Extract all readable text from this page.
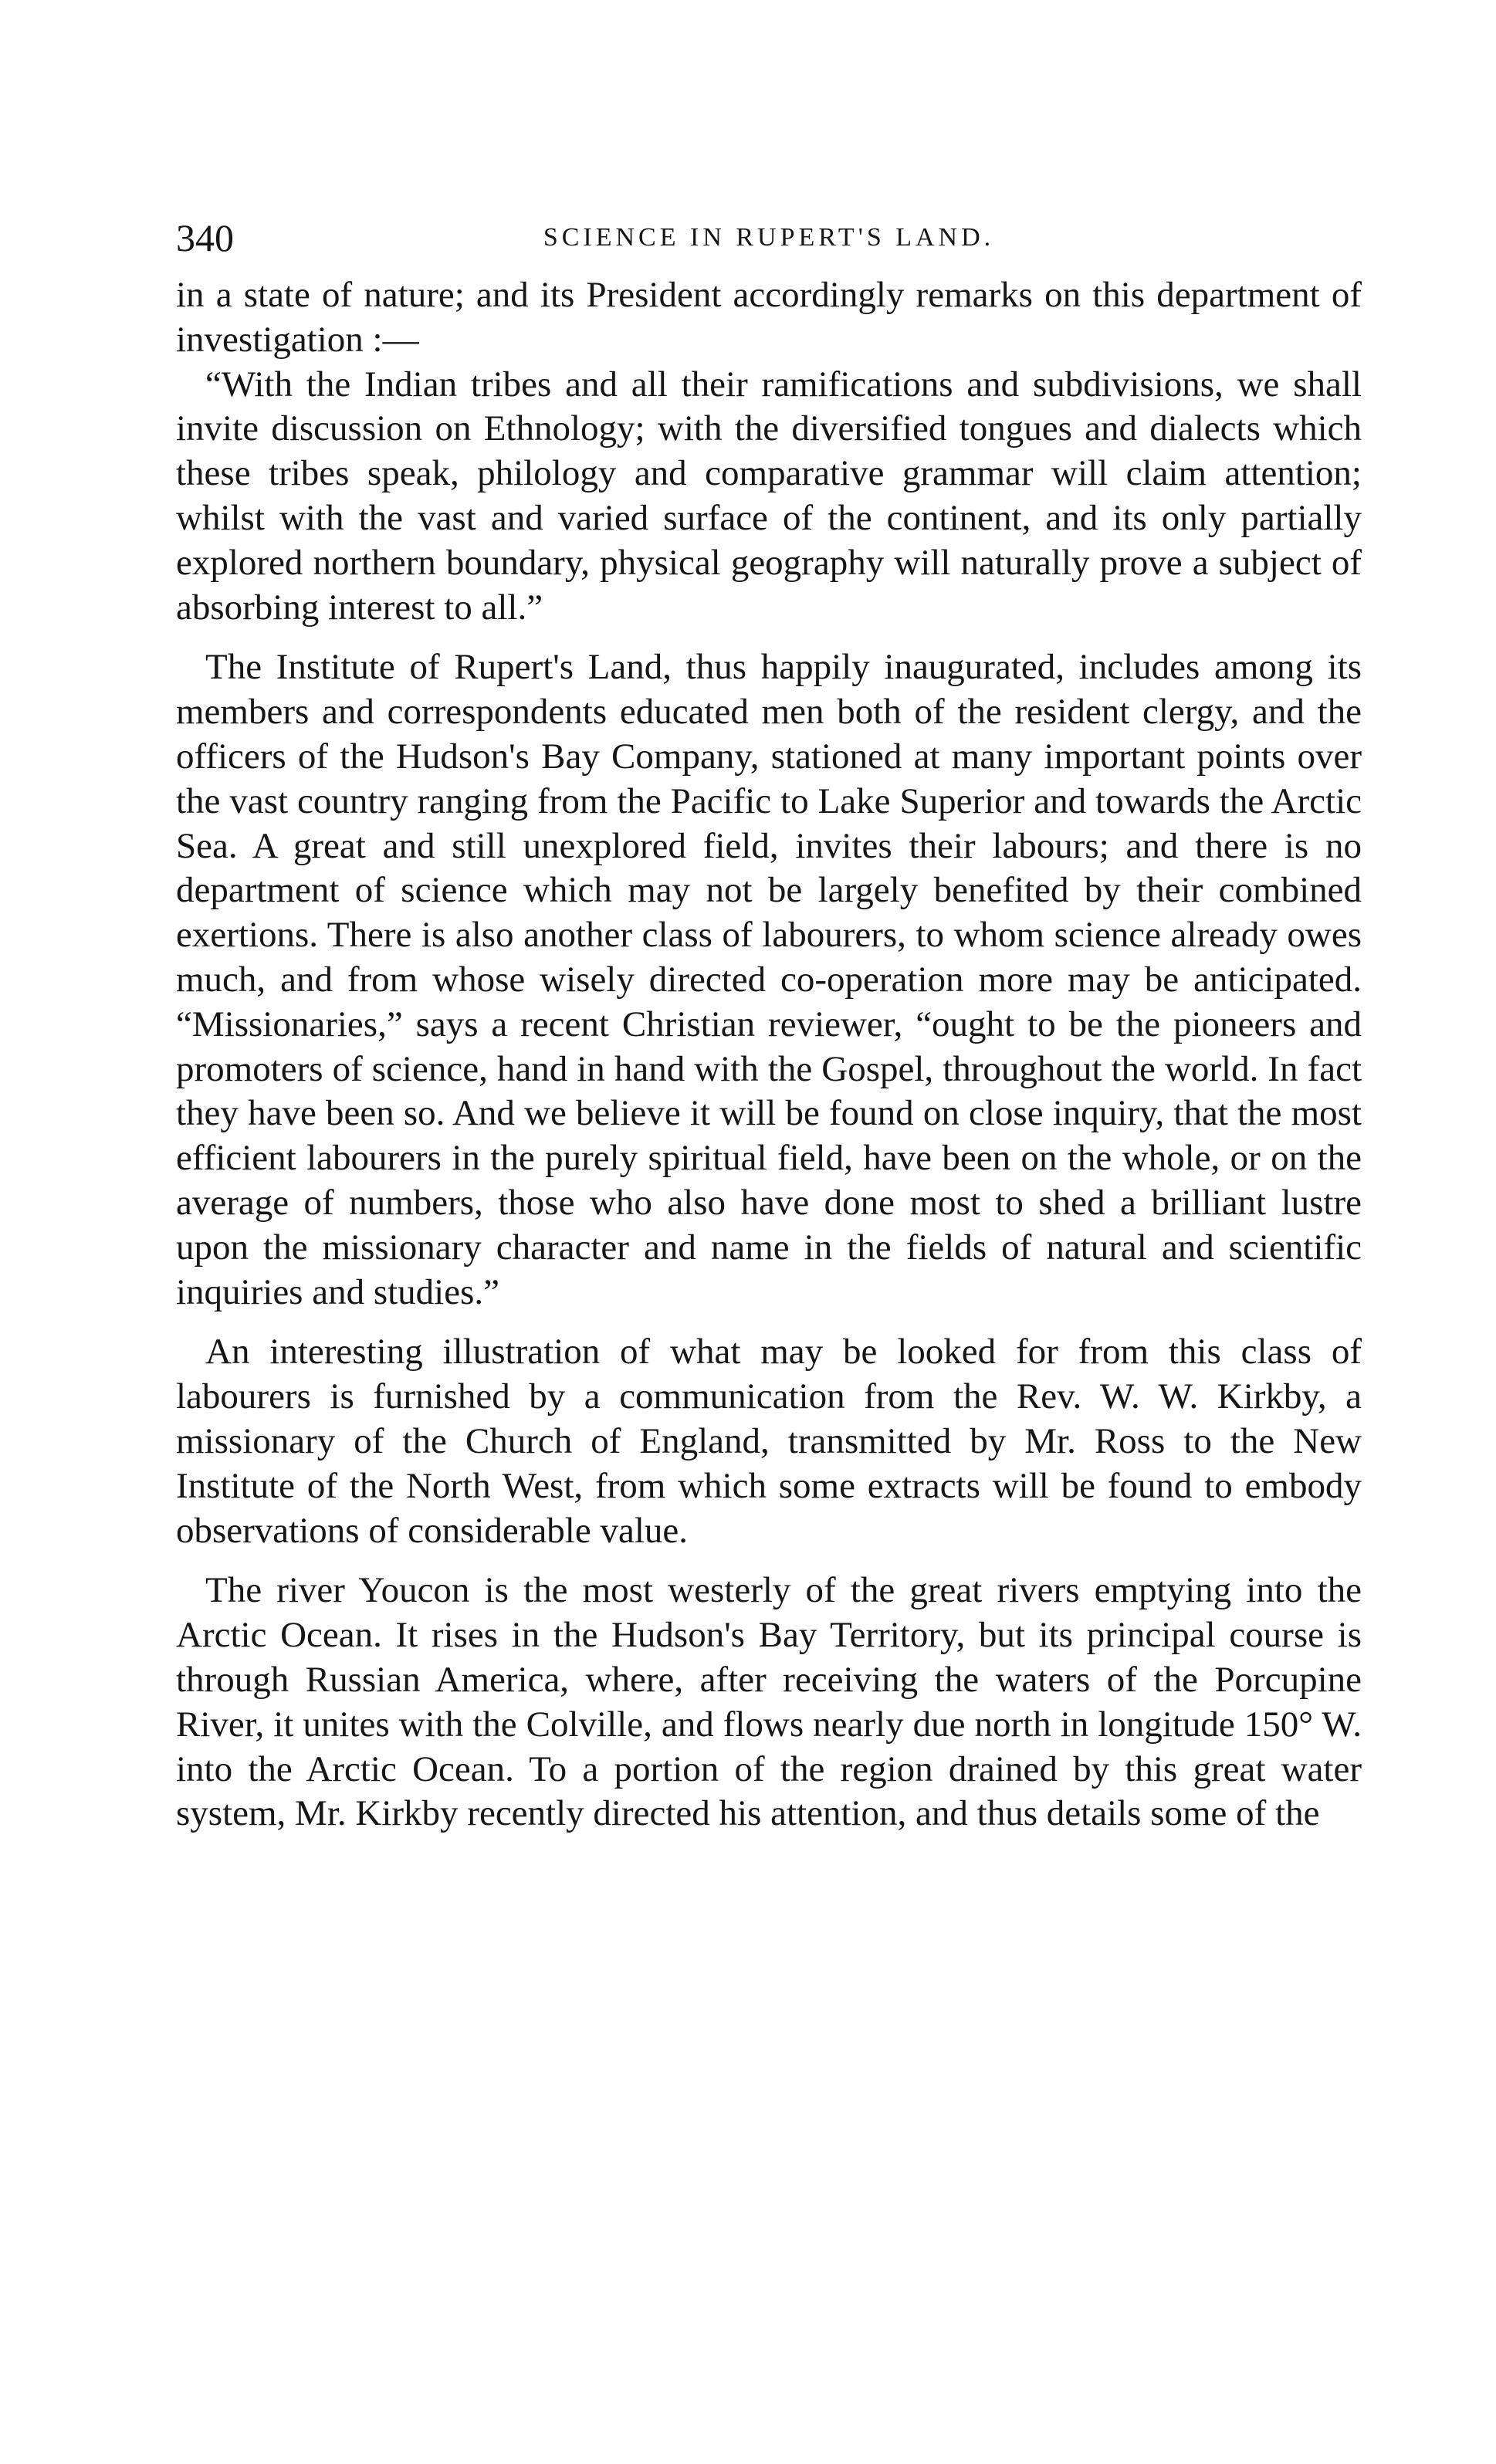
340	SCIENCE IN RUPERT'S LAND.

in a state of nature; and its President accordingly remarks on this department of investigation :—

“With the Indian tribes and all their ramifications and subdivisions, we shall invite discussion on Ethnology; with the diversified tongues and dialects which these tribes speak, philology and comparative grammar will claim attention; whilst with the vast and varied surface of the continent, and its only partially explored northern boundary, physical geography will naturally prove a subject of absorbing interest to all.”

The Institute of Rupert's Land, thus happily inaugurated, includes among its members and correspondents educated men both of the resident clergy, and the officers of the Hudson's Bay Company, stationed at many important points over the vast country ranging from the Pacific to Lake Superior and towards the Arctic Sea. A great and still unexplored field, invites their labours; and there is no department of science which may not be largely benefited by their combined exertions. There is also another class of labourers, to whom science already owes much, and from whose wisely directed co-operation more may be anticipated. “Missionaries,” says a recent Christian reviewer, “ought to be the pioneers and promoters of science, hand in hand with the Gospel, throughout the world. In fact they have been so. And we believe it will be found on close inquiry, that the most efficient labourers in the purely spiritual field, have been on the whole, or on the average of numbers, those who also have done most to shed a brilliant lustre upon the missionary character and name in the fields of natural and scientific inquiries and studies.”

An interesting illustration of what may be looked for from this class of labourers is furnished by a communication from the Rev. W. W. Kirkby, a missionary of the Church of England, transmitted by Mr. Ross to the New Institute of the North West, from which some extracts will be found to embody observations of considerable value.

The river Youcon is the most westerly of the great rivers emptying into the Arctic Ocean. It rises in the Hudson's Bay Territory, but its principal course is through Russian America, where, after receiving the waters of the Porcupine River, it unites with the Colville, and flows nearly due north in longitude 150° W. into the Arctic Ocean. To a portion of the region drained by this great water system, Mr. Kirkby recently directed his attention, and thus details some of the
